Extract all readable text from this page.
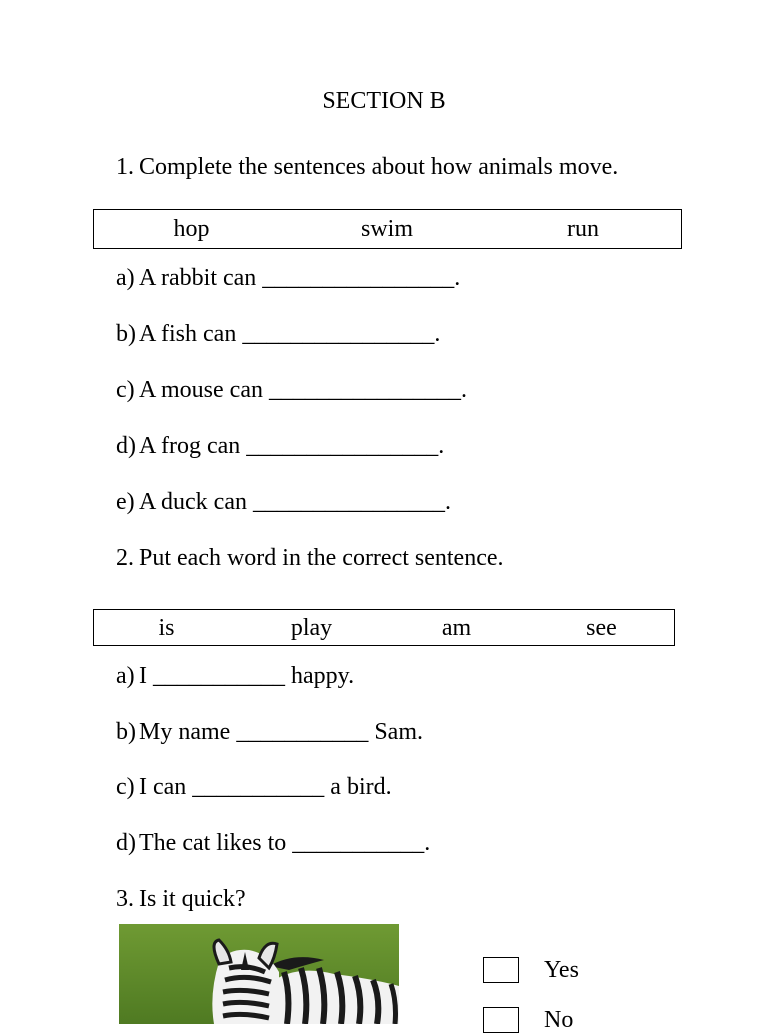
SECTION B
1. Complete the sentences about how animals move.
hop	swim	run
a) A rabbit can ________________.
b) A fish can ________________.
c) A mouse can ________________.
d) A frog can ________________.
e) A duck can ________________.
2. Put each word in the correct sentence.
is	play	am	see
a) I ___________ happy.
b) My name ___________ Sam.
c) I can ___________ a bird.
d) The cat likes to ___________.
3. Is it quick?
Yes
No
